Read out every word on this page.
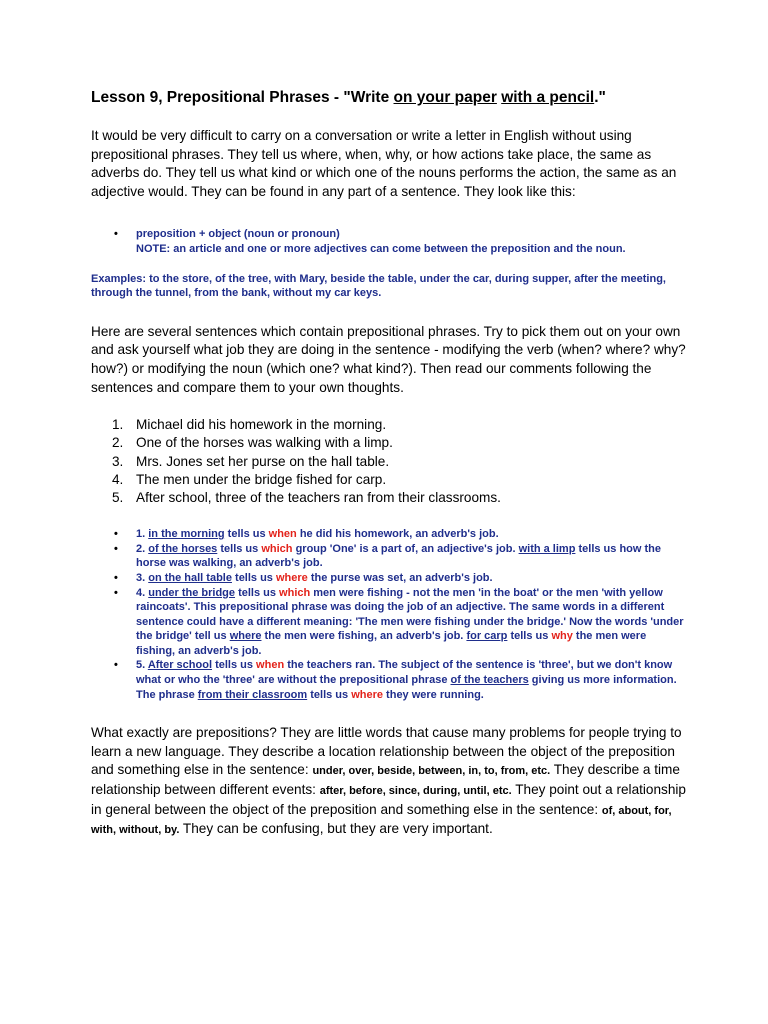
Lesson 9, Prepositional Phrases - "Write on your paper with a pencil."

It would be very difficult to carry on a conversation or write a letter in English without using prepositional phrases. They tell us where, when, why, or how actions take place, the same as adverbs do. They tell us what kind or which one of the nouns performs the action, the same as an adjective would. They can be found in any part of a sentence. They look like this:

• preposition + object (noun or pronoun)
NOTE: an article and one or more adjectives can come between the preposition and the noun.

Examples: to the store, of the tree, with Mary, beside the table, under the car, during supper, after the meeting, through the tunnel, from the bank, without my car keys.

Here are several sentences which contain prepositional phrases. Try to pick them out on your own and ask yourself what job they are doing in the sentence - modifying the verb (when? where? why? how?) or modifying the noun (which one? what kind?). Then read our comments following the sentences and compare them to your own thoughts.

1. Michael did his homework in the morning.
2. One of the horses was walking with a limp.
3. Mrs. Jones set her purse on the hall table.
4. The men under the bridge fished for carp.
5. After school, three of the teachers ran from their classrooms.
• 1. in the morning tells us when he did his homework, an adverb's job.
• 2. of the horses tells us which group 'One' is a part of, an adjective's job. with a limp tells us how the horse was walking, an adverb's job.
• 3. on the hall table tells us where the purse was set, an adverb's job.
• 4. under the bridge tells us which men were fishing - not the men 'in the boat' or the men 'with yellow raincoats'. This prepositional phrase was doing the job of an adjective. The same words in a different sentence could have a different meaning: 'The men were fishing under the bridge.' Now the words 'under the bridge' tell us where the men were fishing, an adverb's job. for carp tells us why the men were fishing, an adverb's job.
• 5. After school tells us when the teachers ran. The subject of the sentence is 'three', but we don't know what or who the 'three' are without the prepositional phrase of the teachers giving us more information. The phrase from their classroom tells us where they were running.

What exactly are prepositions? They are little words that cause many problems for people trying to learn a new language. They describe a location relationship between the object of the preposition and something else in the sentence: under, over, beside, between, in, to, from, etc. They describe a time relationship between different events: after, before, since, during, until, etc. They point out a relationship in general between the object of the preposition and something else in the sentence: of, about, for, with, without, by. They can be confusing, but they are very important.
